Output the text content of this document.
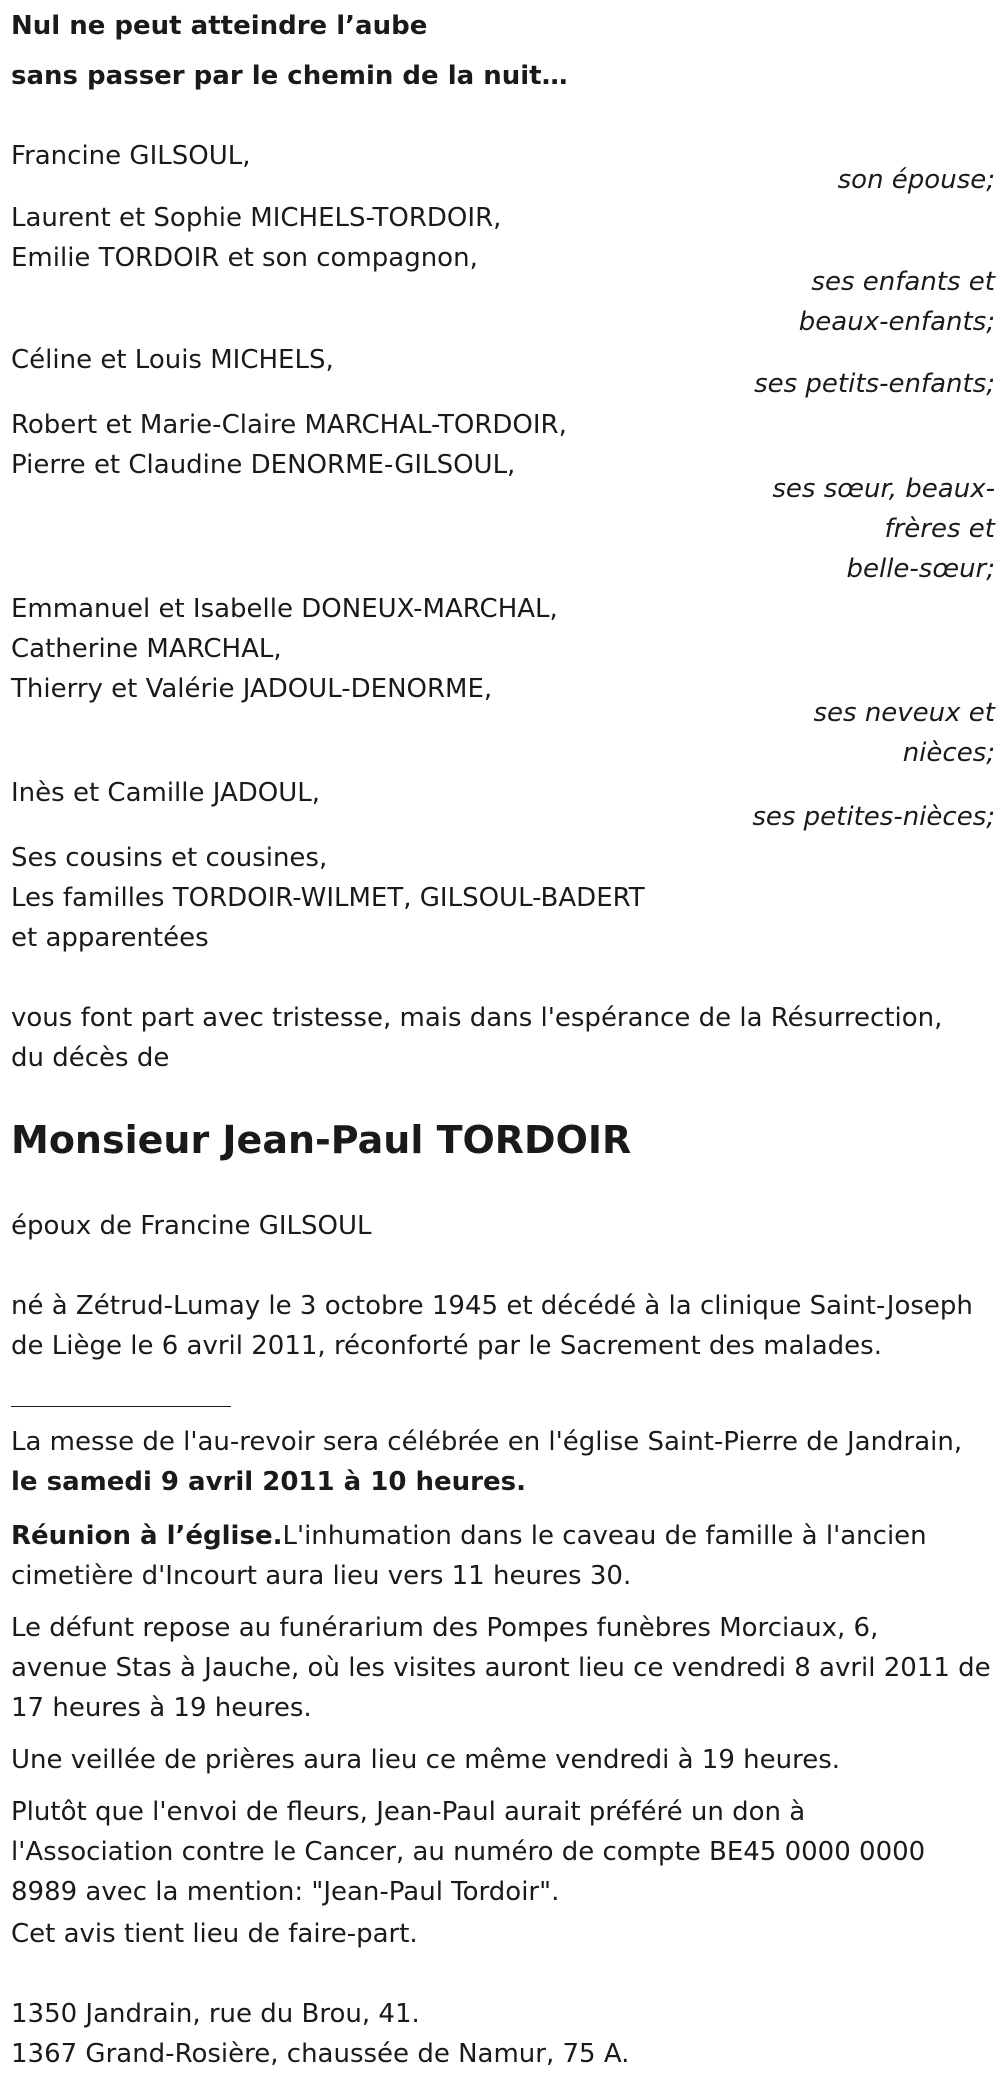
Nul ne peut atteindre l’aube
sans passer par le chemin de la nuit…
Francine GILSOUL,
son épouse;
Laurent et Sophie MICHELS-TORDOIR,
Emilie TORDOIR et son compagnon,
ses enfants et
beaux-enfants;
Céline et Louis MICHELS,
ses petits-enfants;
Robert et Marie-Claire MARCHAL-TORDOIR,
Pierre et Claudine DENORME-GILSOUL,
ses sœur, beaux-
frères et
belle-sœur;
Emmanuel et Isabelle DONEUX-MARCHAL,
Catherine MARCHAL,
Thierry et Valérie JADOUL-DENORME,
ses neveux et
nièces;
Inès et Camille JADOUL,
ses petites-nièces;
Ses cousins et cousines,
Les familles TORDOIR-WILMET, GILSOUL-BADERT
et apparentées
vous font part avec tristesse, mais dans l'espérance de la Résurrection,
du décès de
Monsieur Jean-Paul TORDOIR
époux de Francine GILSOUL
né à Zétrud-Lumay le 3 octobre 1945 et décédé à la clinique Saint-Joseph
de Liège le 6 avril 2011, réconforté par le Sacrement des malades.
La messe de l'au-revoir sera célébrée en l'église Saint-Pierre de Jandrain,
le samedi 9 avril 2011 à 10 heures.
Réunion à l’église.L'inhumation dans le caveau de famille à l'ancien
cimetière d'Incourt aura lieu vers 11 heures 30.
Le défunt repose au funérarium des Pompes funèbres Morciaux, 6,
avenue Stas à Jauche, où les visites auront lieu ce vendredi 8 avril 2011 de
17 heures à 19 heures.
Une veillée de prières aura lieu ce même vendredi à 19 heures.
Plutôt que l'envoi de fleurs, Jean-Paul aurait préféré un don à
l'Association contre le Cancer, au numéro de compte BE45 0000 0000
8989 avec la mention: "Jean-Paul Tordoir".
Cet avis tient lieu de faire-part.
1350 Jandrain, rue du Brou, 41.
1367 Grand-Rosière, chaussée de Namur, 75 A.
